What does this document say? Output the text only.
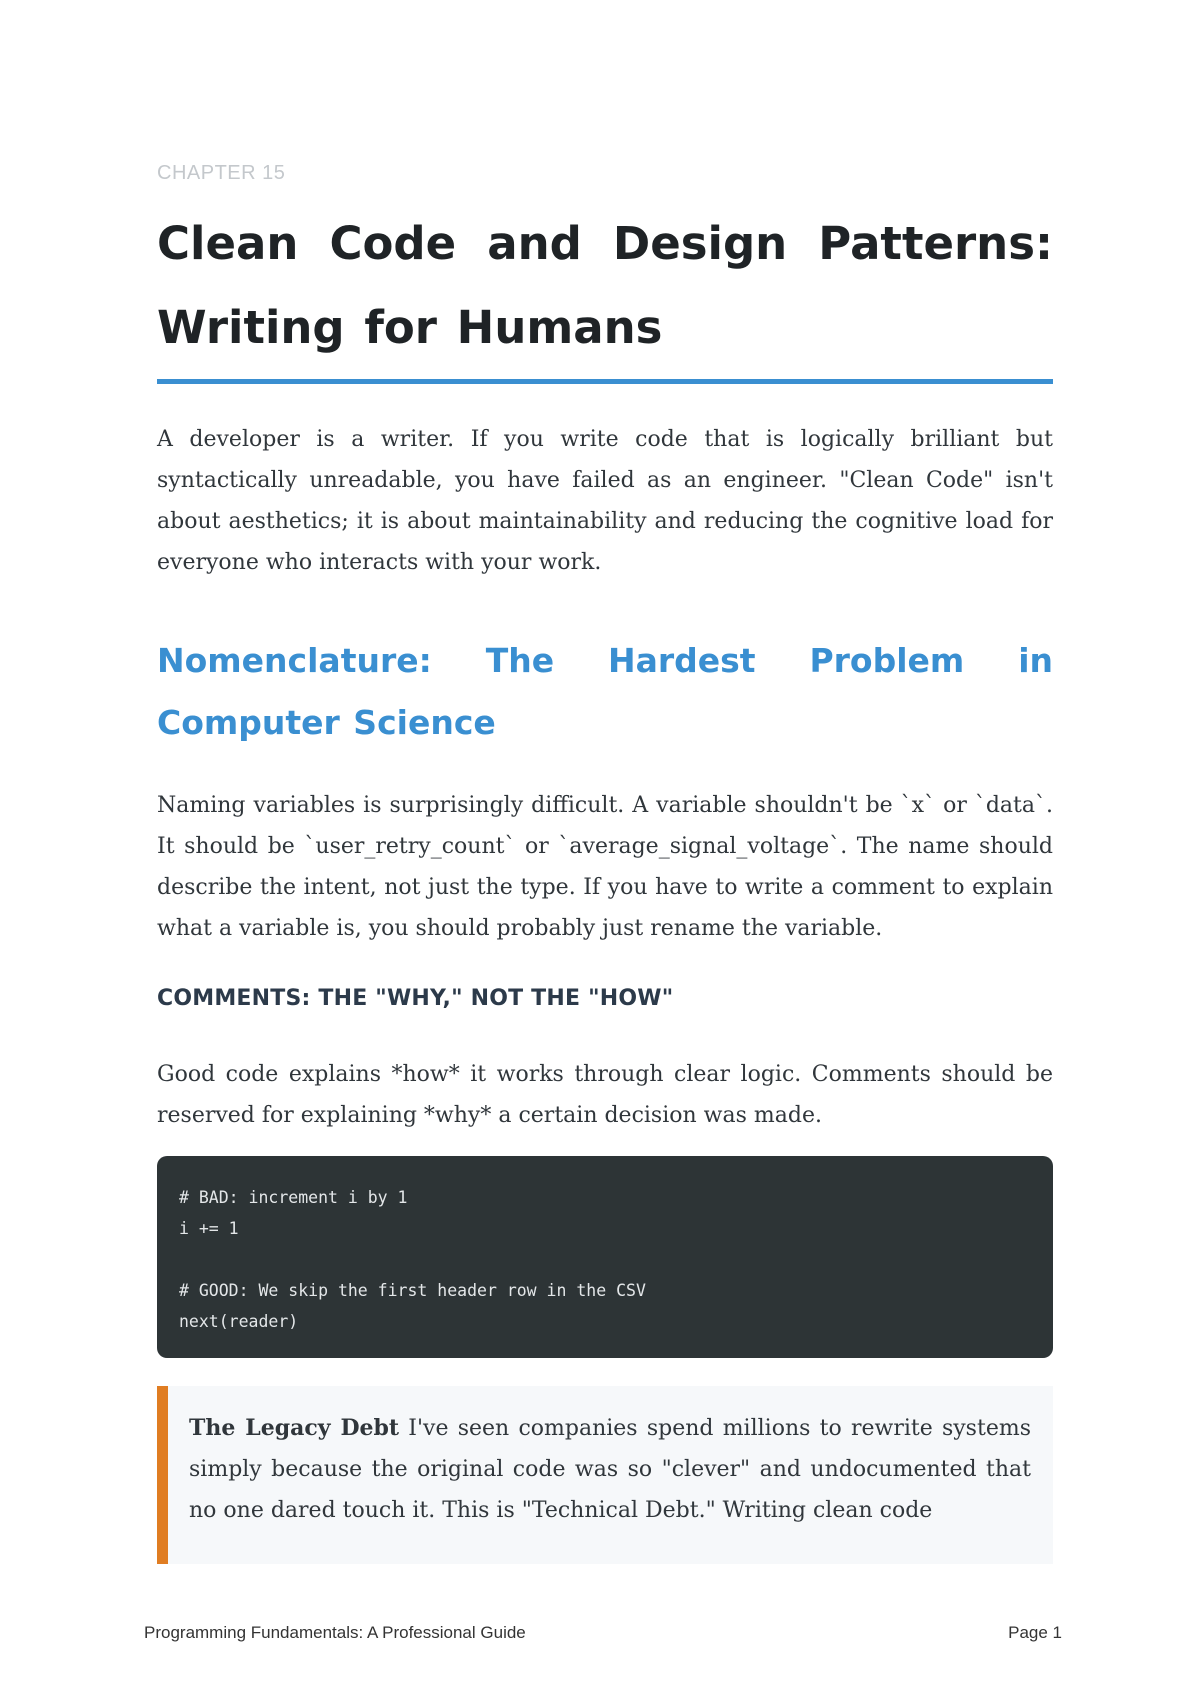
CHAPTER 15
Clean Code and Design Patterns: Writing for Humans

A developer is a writer. If you write code that is logically brilliant but syntactically unreadable, you have failed as an engineer. "Clean Code" isn't about aesthetics; it is about maintainability and reducing the cognitive load for everyone who interacts with your work.

Nomenclature: The Hardest Problem in Computer Science

Naming variables is surprisingly difficult. A variable shouldn't be `x` or `data`. It should be `user_retry_count` or `average_signal_voltage`. The name should describe the intent, not just the type. If you have to write a comment to explain what a variable is, you should probably just rename the variable.

COMMENTS: THE "WHY," NOT THE "HOW"

Good code explains *how* it works through clear logic. Comments should be reserved for explaining *why* a certain decision was made.

# BAD: increment i by 1
i += 1
# GOOD: We skip the first header row in the CSV
next(reader)

The Legacy Debt I've seen companies spend millions to rewrite systems simply because the original code was so "clever" and undocumented that no one dared touch it. This is "Technical Debt." Writing clean code

Programming Fundamentals: A Professional Guide	Page 1
